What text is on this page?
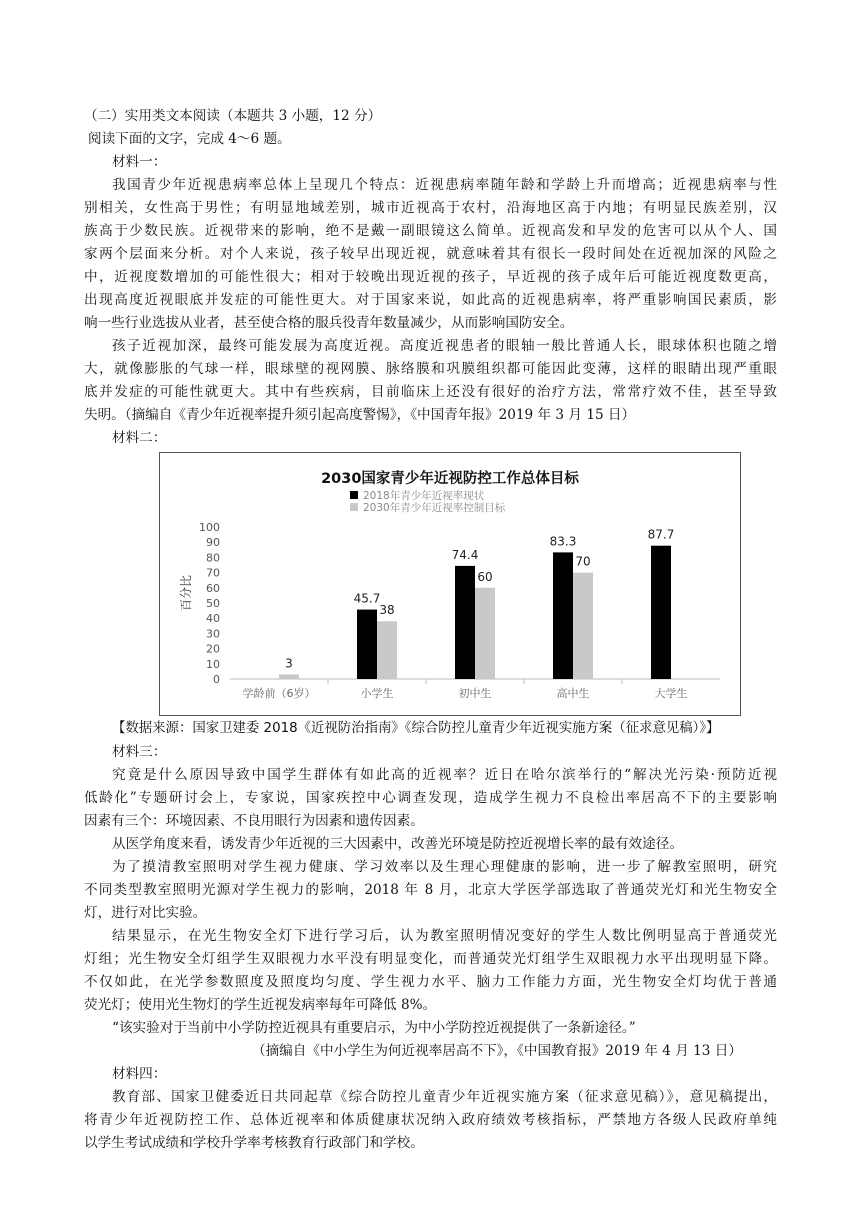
（二）实用类文本阅读（本题共 3 小题，12 分）
阅读下面的文字，完成 4～6 题。
材料一：
我国青少年近视患病率总体上呈现几个特点：近视患病率随年龄和学龄上升而增高；近视患病率与性
别相关，女性高于男性；有明显地域差别，城市近视高于农村，沿海地区高于内地；有明显民族差别，汉
族高于少数民族。近视带来的影响，绝不是戴一副眼镜这么简单。近视高发和早发的危害可以从个人、国
家两个层面来分析。对个人来说，孩子较早出现近视，就意味着其有很长一段时间处在近视加深的风险之
中，近视度数增加的可能性很大；相对于较晚出现近视的孩子，早近视的孩子成年后可能近视度数更高，
出现高度近视眼底并发症的可能性更大。对于国家来说，如此高的近视患病率，将严重影响国民素质，影
响一些行业选拔从业者，甚至使合格的服兵役青年数量减少，从而影响国防安全。
孩子近视加深，最终可能发展为高度近视。高度近视患者的眼轴一般比普通人长，眼球体积也随之增
大，就像膨胀的气球一样，眼球壁的视网膜、脉络膜和巩膜组织都可能因此变薄，这样的眼睛出现严重眼
底并发症的可能性就更大。其中有些疾病，目前临床上还没有很好的治疗方法，常常疗效不佳，甚至导致
失明。（摘编自《青少年近视率提升须引起高度警惕》，《中国青年报》2019 年 3 月 15 日）
材料二：
2030国家青少年近视防控工作总体目标
2018年青少年近视率现状
2030年青少年近视率控制目标
百分比
0
10
20
30
40
50
60
70
80
90
100
3
45.7
38
74.4
60
83.3
70
87.7
学龄前（6岁）	小学生	初中生	高中生	大学生
【数据来源：国家卫建委 2018《近视防治指南》《综合防控儿童青少年近视实施方案（征求意见稿）》】
材料三：
究竟是什么原因导致中国学生群体有如此高的近视率？近日在哈尔滨举行的“解决光污染·预防近视
低龄化”专题研讨会上，专家说，国家疾控中心调查发现，造成学生视力不良检出率居高不下的主要影响
因素有三个：环境因素、不良用眼行为因素和遗传因素。
从医学角度来看，诱发青少年近视的三大因素中，改善光环境是防控近视增长率的最有效途径。
为了摸清教室照明对学生视力健康、学习效率以及生理心理健康的影响，进一步了解教室照明，研究
不同类型教室照明光源对学生视力的影响，2018 年 8 月，北京大学医学部选取了普通荧光灯和光生物安全
灯，进行对比实验。
结果显示，在光生物安全灯下进行学习后，认为教室照明情况变好的学生人数比例明显高于普通荧光
灯组；光生物安全灯组学生双眼视力水平没有明显变化，而普通荧光灯组学生双眼视力水平出现明显下降。
不仅如此，在光学参数照度及照度均匀度、学生视力水平、脑力工作能力方面，光生物安全灯均优于普通
荧光灯；使用光生物灯的学生近视发病率每年可降低 8%。
“该实验对于当前中小学防控近视具有重要启示，为中小学防控近视提供了一条新途径。”
（摘编自《中小学生为何近视率居高不下》，《中国教育报》2019 年 4 月 13 日）
材料四：
教育部、国家卫健委近日共同起草《综合防控儿童青少年近视实施方案（征求意见稿）》，意见稿提出，
将青少年近视防控工作、总体近视率和体质健康状况纳入政府绩效考核指标，严禁地方各级人民政府单纯
以学生考试成绩和学校升学率考核教育行政部门和学校。
